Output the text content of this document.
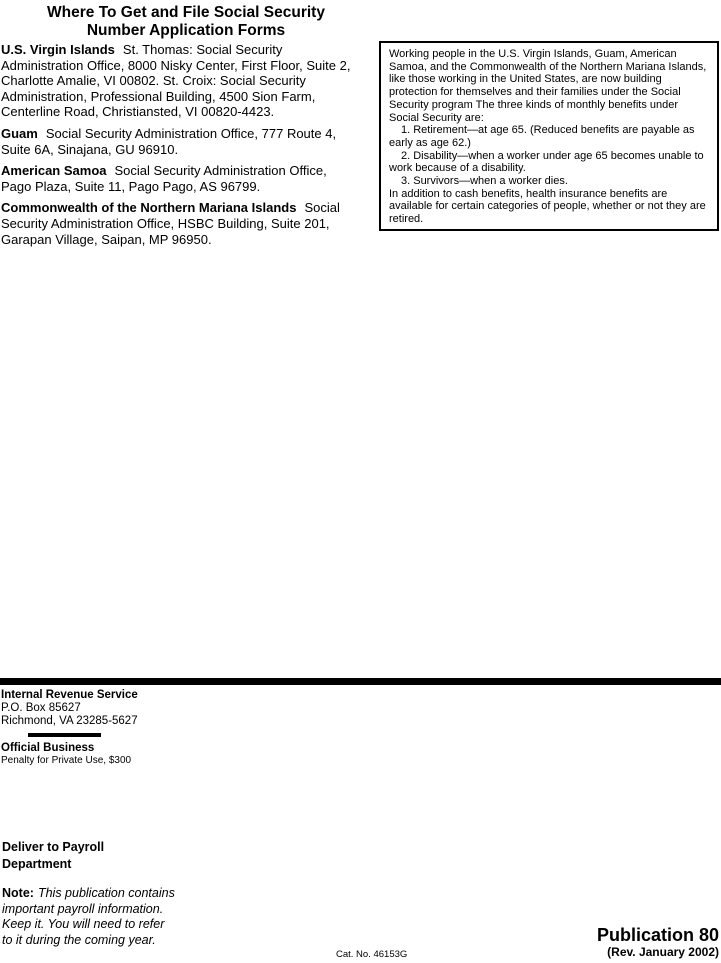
Where To Get and File Social Security
Number Application Forms

U.S. Virgin Islands St. Thomas: Social Security Administration Office, 8000 Nisky Center, First Floor, Suite 2, Charlotte Amalie, VI 00802. St. Croix: Social Security Administration, Professional Building, 4500 Sion Farm, Centerline Road, Christiansted, VI 00820-4423.

Guam Social Security Administration Office, 777 Route 4, Suite 6A, Sinajana, GU 96910.

American Samoa Social Security Administration Office, Pago Plaza, Suite 11, Pago Pago, AS 96799.

Commonwealth of the Northern Mariana Islands Social Security Administration Office, HSBC Building, Suite 201, Garapan Village, Saipan, MP 96950.

Working people in the U.S. Virgin Islands, Guam, American Samoa, and the Commonwealth of the Northern Mariana Islands, like those working in the United States, are now building protection for themselves and their families under the Social Security program The three kinds of monthly benefits under Social Security are:
1. Retirement—at age 65. (Reduced benefits are payable as early as age 62.)
2. Disability—when a worker under age 65 becomes unable to work because of a disability.
3. Survivors—when a worker dies.
In addition to cash benefits, health insurance benefits are available for certain categories of people, whether or not they are retired.
Internal Revenue Service
P.O. Box 85627
Richmond, VA 23285-5627
Official Business
Penalty for Private Use, $300
Deliver to Payroll
Department
Note: This publication contains important payroll information. Keep it. You will need to refer to it during the coming year.
Cat. No. 46153G
Publication 80
(Rev. January 2002)
